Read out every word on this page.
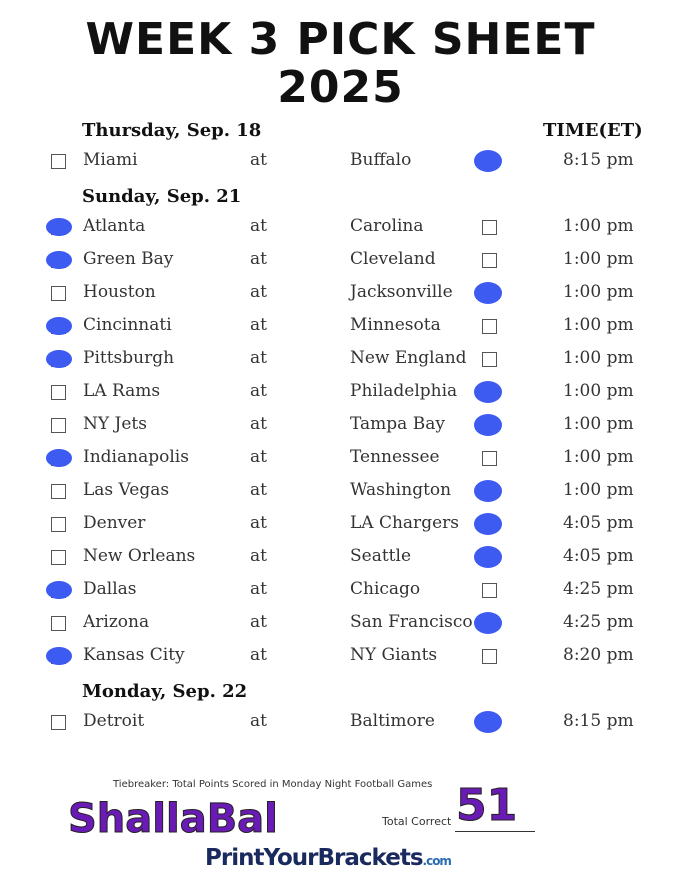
WEEK 3 PICK SHEET
2025
Thursday, Sep. 18	TIME(ET)
Sunday, Sep. 21
Monday, Sep. 22
Miami	at	Buffalo	8:15 pm
Atlanta	at	Carolina	1:00 pm
Green Bay	at	Cleveland	1:00 pm
Houston	at	Jacksonville	1:00 pm
Cincinnati	at	Minnesota	1:00 pm
Pittsburgh	at	New England	1:00 pm
LA Rams	at	Philadelphia	1:00 pm
NY Jets	at	Tampa Bay	1:00 pm
Indianapolis	at	Tennessee	1:00 pm
Las Vegas	at	Washington	1:00 pm
Denver	at	LA Chargers	4:05 pm
New Orleans	at	Seattle	4:05 pm
Dallas	at	Chicago	4:25 pm
Arizona	at	San Francisco	4:25 pm
Kansas City	at	NY Giants	8:20 pm
Detroit	at	Baltimore	8:15 pm
Tiebreaker: Total Points Scored in Monday Night Football Games
ShallaBal	Total Correct 51
PrintYourBrackets.com
